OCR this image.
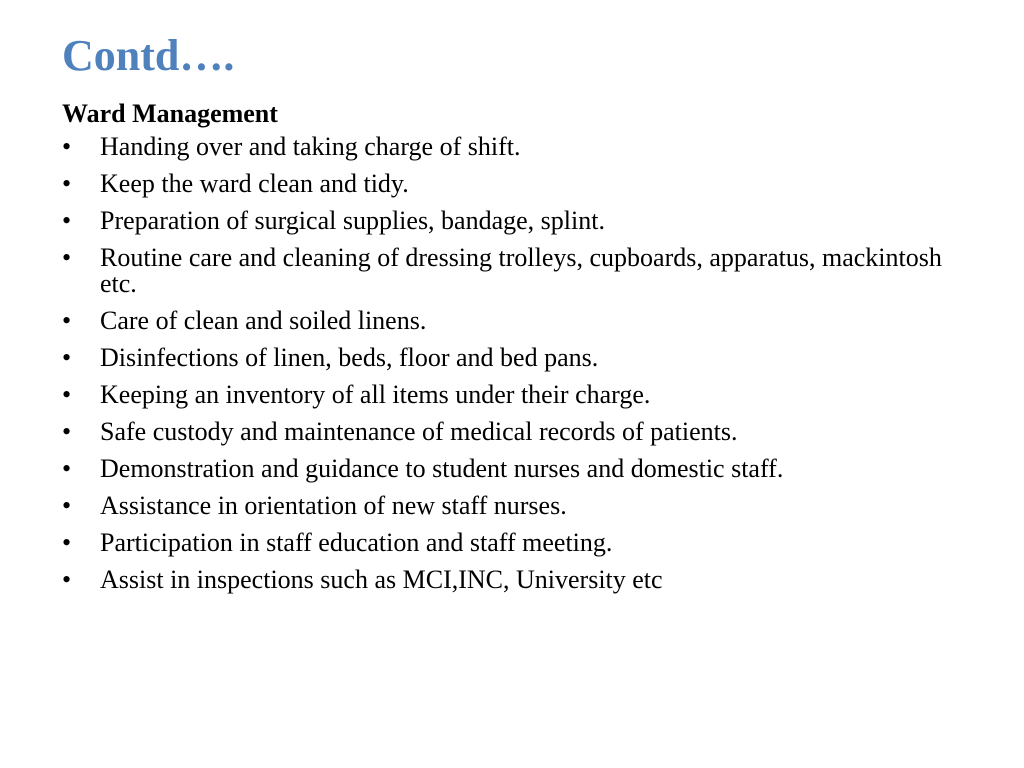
Contd….
Ward Management
• Handing over and taking charge of shift.
• Keep the ward clean and tidy.
• Preparation of surgical supplies, bandage, splint.
• Routine care and cleaning of dressing trolleys, cupboards, apparatus, mackintosh etc.
• Care of clean and soiled linens.
• Disinfections of linen, beds, floor and bed pans.
• Keeping an inventory of all items under their charge.
• Safe custody and maintenance of medical records of patients.
• Demonstration and guidance to student nurses and domestic staff.
• Assistance in orientation of new staff nurses.
• Participation in staff education and staff meeting.
• Assist in inspections such as MCI,INC, University etc
